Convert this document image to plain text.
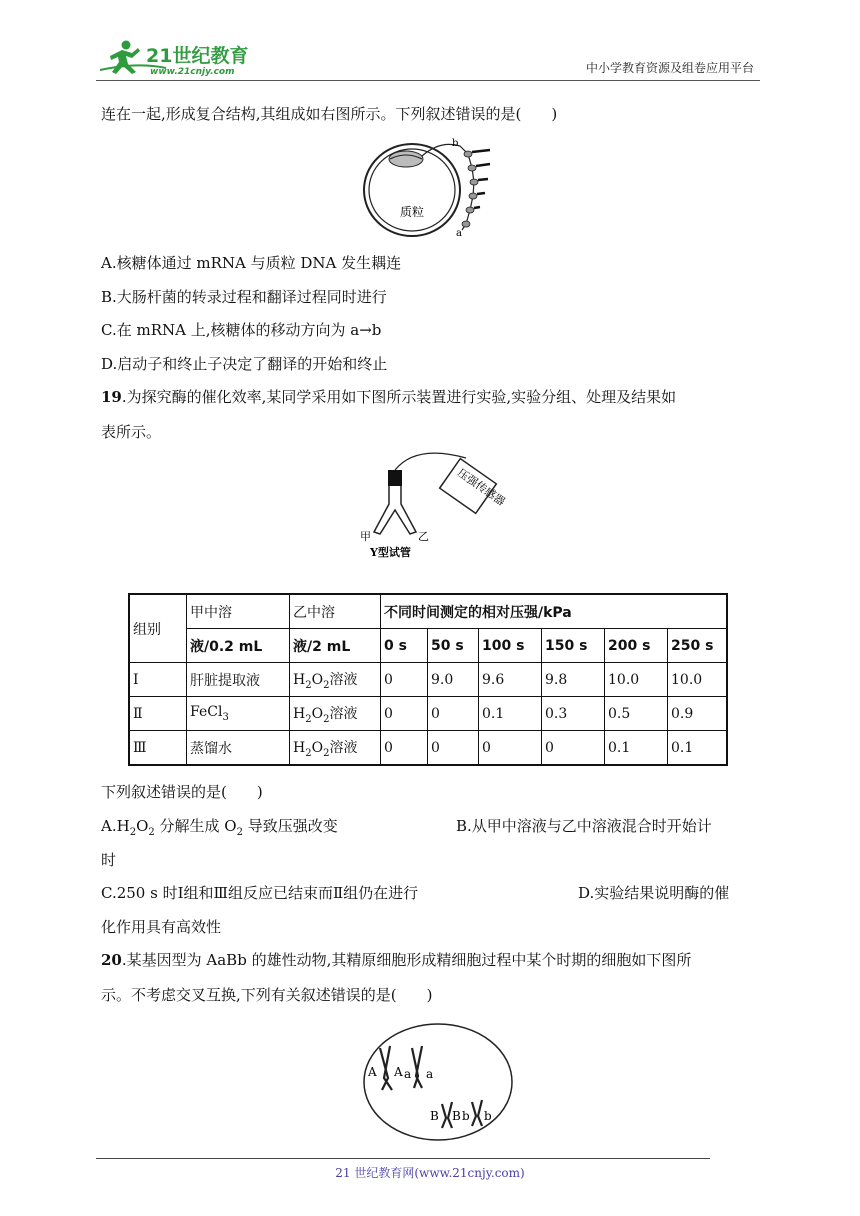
21世纪教育
www.21cnjy.com	中小学教育资源及组卷应用平台
连在一起,形成复合结构,其组成如右图所示。下列叙述错误的是(　　)
b
a
质粒
A.核糖体通过 mRNA 与质粒 DNA 发生耦连
B.大肠杆菌的转录过程和翻译过程同时进行
C.在 mRNA 上,核糖体的移动方向为 a→b
D.启动子和终止子决定了翻译的开始和终止
19.为探究酶的催化效率,某同学采用如下图所示装置进行实验,实验分组、处理及结果如
表所示。
压强传感器
甲	乙
Y型试管
组别	甲中溶	乙中溶	不同时间测定的相对压强/kPa					
	液/0.2 mL	液/2 mL	0 s	50 s	100 s	150 s	200 s	250 s
Ⅰ	肝脏提取液	$H_2O_2$溶液	0	9.0	9.6	9.8	10.0	10.0
Ⅱ	FeCl$_3$	$H_2O_2$溶液	0	0	0.1	0.3	0.5	0.9
Ⅲ	蒸馏水	$H_2O_2$溶液	0	0	0	0	0.1	0.1
下列叙述错误的是(　　)
$A.H_2O_2$ 分解生成 $O_2$ 导致压强改变	B.从甲中溶液与乙中溶液混合时开始计
时
C.250 s 时Ⅰ组和Ⅲ组反应已结束而Ⅱ组仍在进行	D.实验结果说明酶的催
化作用具有高效性
20.某基因型为 AaBb 的雄性动物,其精原细胞形成精细胞过程中某个时期的细胞如下图所
示。不考虑交叉互换,下列有关叙述错误的是(　　)
A A a a
B B b b
21 世纪教育网(www.21cnjy.com)
